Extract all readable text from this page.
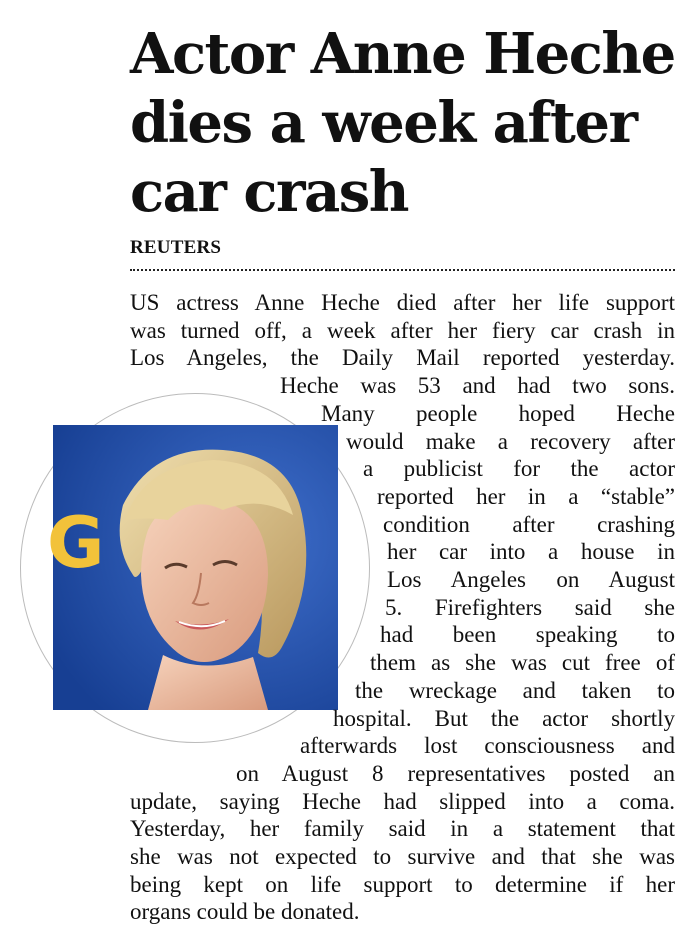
Actor Anne Heche
dies a week after
car crash
REUTERS
G
US actress Anne Heche died after her life support
was turned off, a week after her fiery car crash in
Los Angeles, the Daily Mail reported yesterday.
Heche was 53 and had two sons.
Many people hoped Heche
would make a recovery after
a publicist for the actor
reported her in a “stable”
condition after crashing
her car into a house in
Los Angeles on August
5. Firefighters said she
had been speaking to
them as she was cut free of
the wreckage and taken to
hospital. But the actor shortly
afterwards lost consciousness and
on August 8 representatives posted an
update, saying Heche had slipped into a coma.
Yesterday, her family said in a statement that
she was not expected to survive and that she was
being kept on life support to determine if her
organs could be donated.
